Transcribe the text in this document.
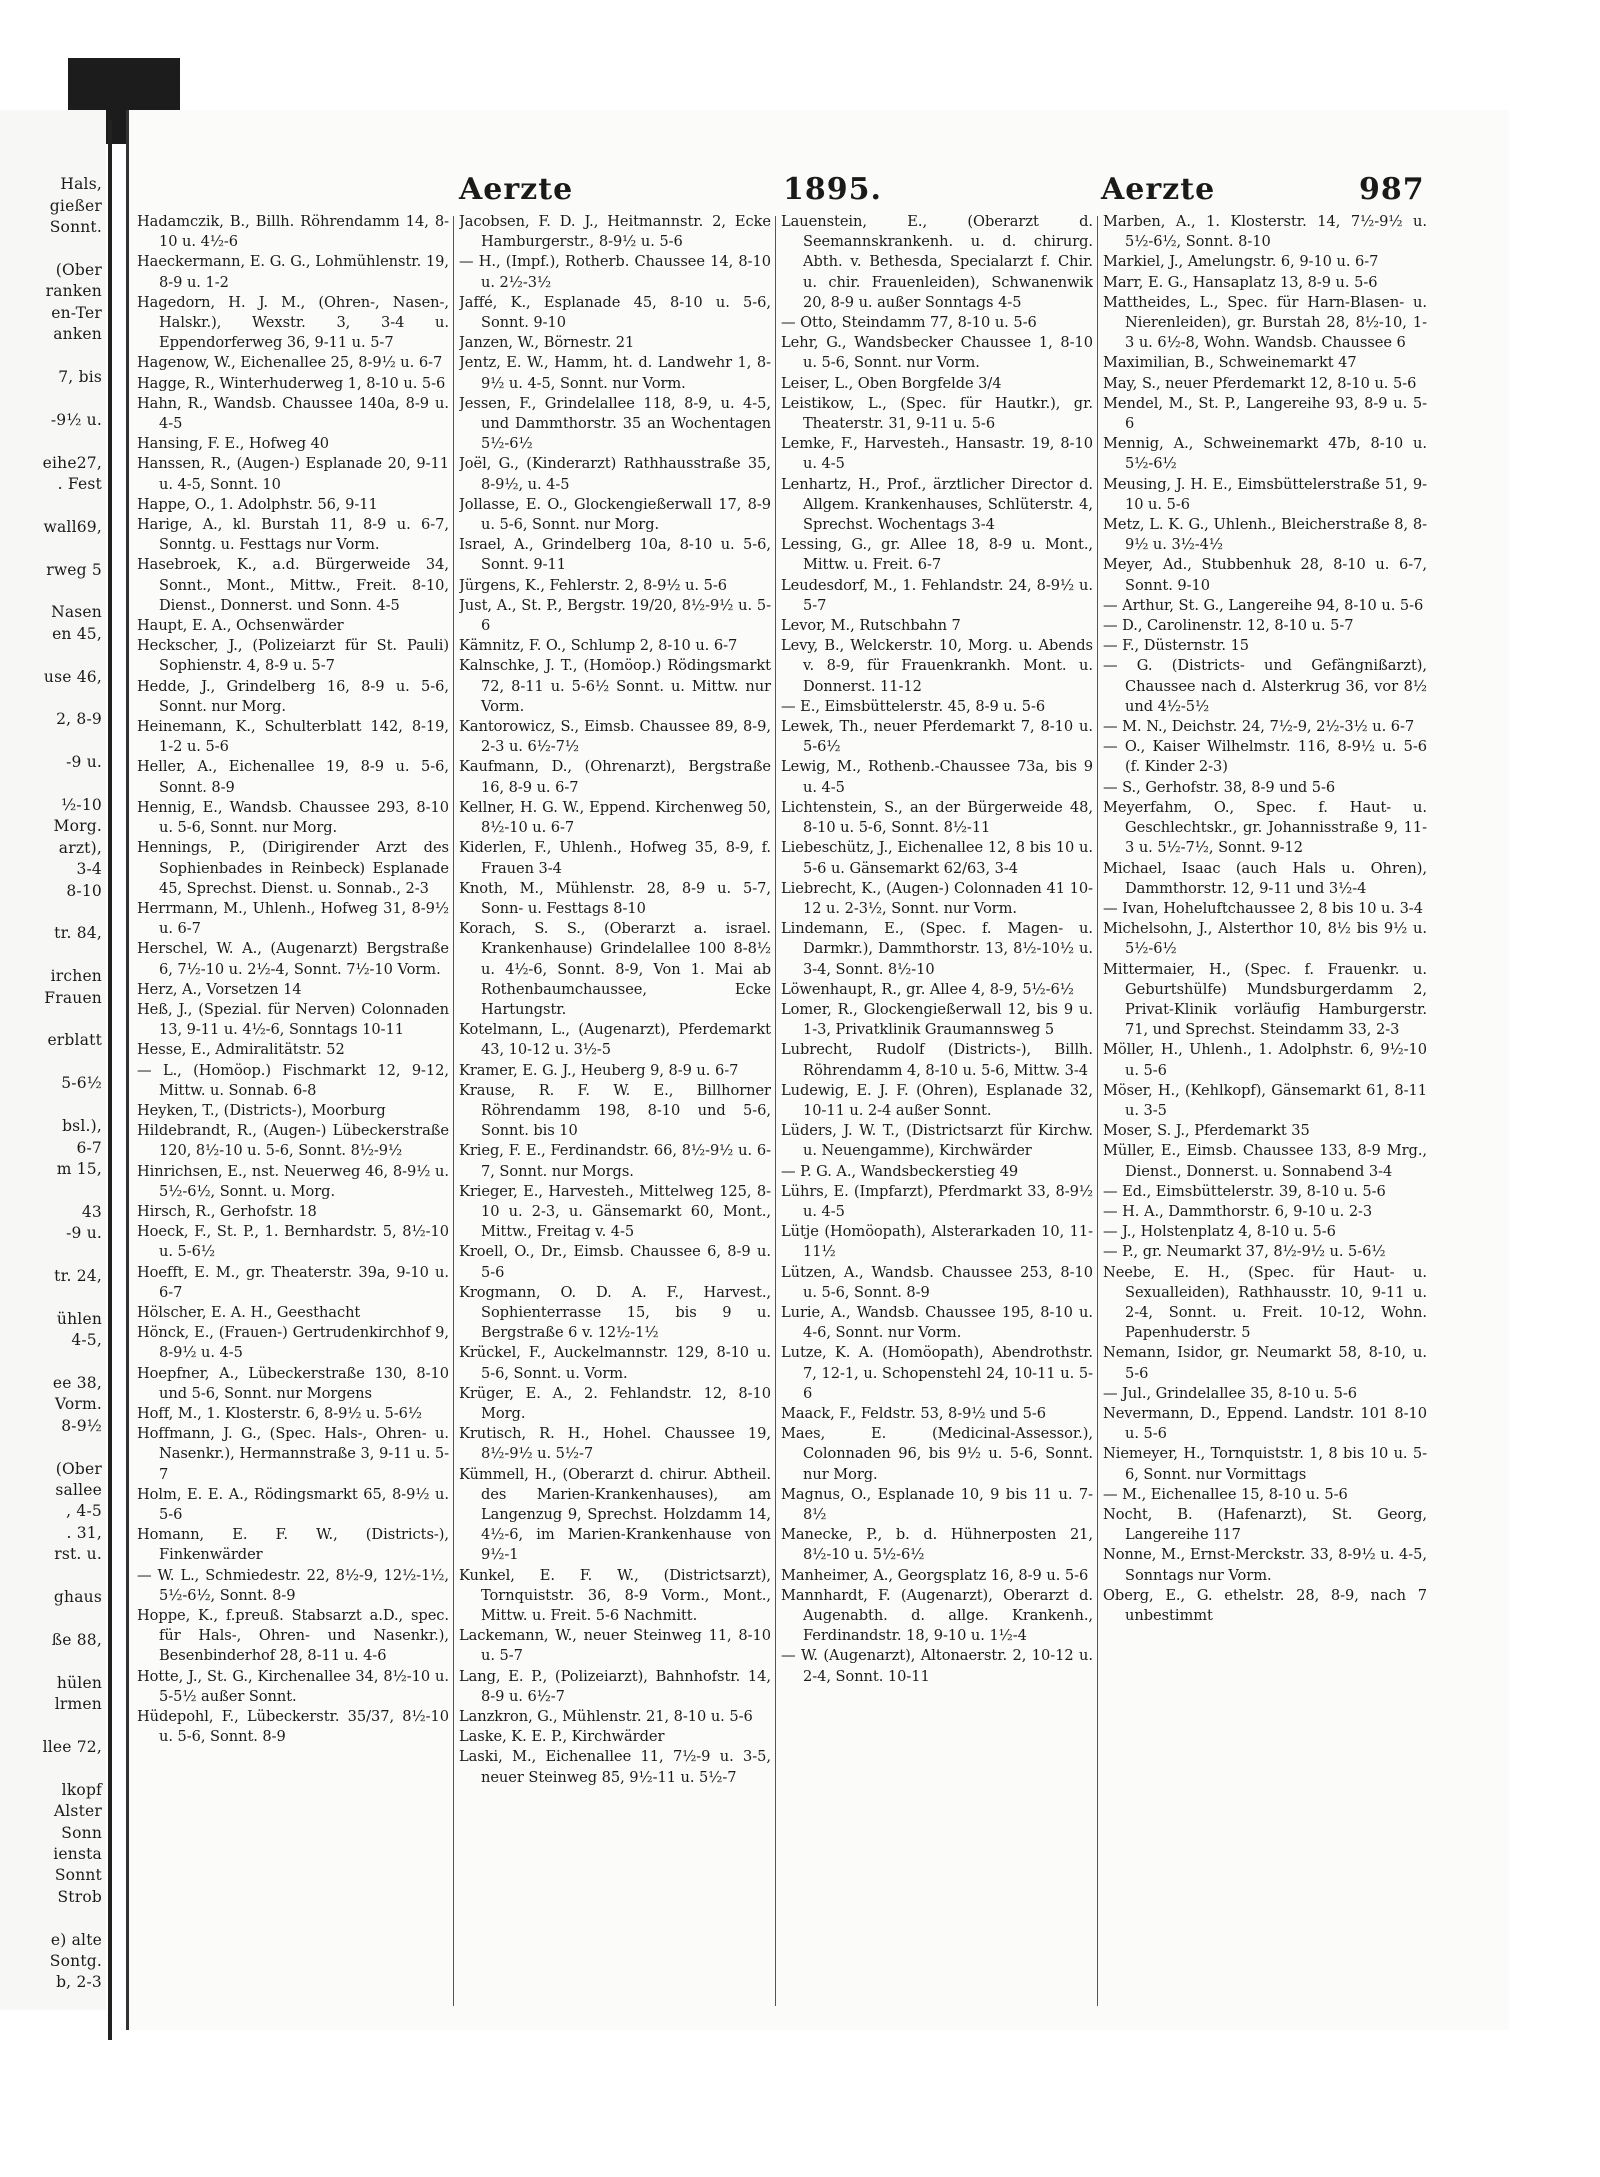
Hals,
gießer
Sonnt.

(Ober
ranken
en-Ter
anken

7, bis

-9½ u.

eihe27,
. Fest

wall69,

rweg 5

Nasen
en 45,

use 46,

2, 8-9

-9 u.

½-10
Morg.
arzt),
3-4
8-10

tr. 84,

irchen
Frauen

erblatt

5-6½

bsl.),
6-7
m 15,

43
-9 u.

tr. 24,

ühlen
4-5,

ee 38,
Vorm.
8-9½

(Ober
sallee
, 4-5
. 31,
rst. u.

ghaus

ße 88,

hülen
lrmen

llee 72,

lkopf
Alster
Sonn
iensta
Sonnt
Strob

e) alte
Sontg.
b, 2-3
Aerzte	1895.	Aerzte	987

Hadamczik, B., Billh. Röhrendamm 14, 8-10 u. 4½-6

Haeckermann, E. G. G., Lohmühlenstr. 19, 8-9 u. 1-2

Hagedorn, H. J. M., (Ohren-, Nasen-, Halskr.), Wexstr. 3, 3-4 u. Eppendorferweg 36, 9-11 u. 5-7

Hagenow, W., Eichenallee 25, 8-9½ u. 6-7

Hagge, R., Winterhuderweg 1, 8-10 u. 5-6

Hahn, R., Wandsb. Chaussee 140a, 8-9 u. 4-5

Hansing, F. E., Hofweg 40

Hanssen, R., (Augen-) Esplanade 20, 9-11 u. 4-5, Sonnt. 10

Happe, O., 1. Adolphstr. 56, 9-11

Harige, A., kl. Burstah 11, 8-9 u. 6-7, Sonntg. u. Festtags nur Vorm.

Hasebroek, K., a.d. Bürgerweide 34, Sonnt., Mont., Mittw., Freit. 8-10, Dienst., Donnerst. und Sonn. 4-5

Haupt, E. A., Ochsenwärder

Heckscher, J., (Polizeiarzt für St. Pauli) Sophienstr. 4, 8-9 u. 5-7

Hedde, J., Grindelberg 16, 8-9 u. 5-6, Sonnt. nur Morg.

Heinemann, K., Schulterblatt 142, 8-19, 1-2 u. 5-6

Heller, A., Eichenallee 19, 8-9 u. 5-6, Sonnt. 8-9

Hennig, E., Wandsb. Chaussee 293, 8-10 u. 5-6, Sonnt. nur Morg.

Hennings, P., (Dirigirender Arzt des Sophienbades in Reinbeck) Esplanade 45, Sprechst. Dienst. u. Sonnab., 2-3

Herrmann, M., Uhlenh., Hofweg 31, 8-9½ u. 6-7

Herschel, W. A., (Augenarzt) Bergstraße 6, 7½-10 u. 2½-4, Sonnt. 7½-10 Vorm.

Herz, A., Vorsetzen 14

Heß, J., (Spezial. für Nerven) Colonnaden 13, 9-11 u. 4½-6, Sonntags 10-11

Hesse, E., Admiralitätstr. 52

— L., (Homöop.) Fischmarkt 12, 9-12, Mittw. u. Sonnab. 6-8

Heyken, T., (Districts-), Moorburg

Hildebrandt, R., (Augen-) Lübeckerstraße 120, 8½-10 u. 5-6, Sonnt. 8½-9½

Hinrichsen, E., nst. Neuerweg 46, 8-9½ u. 5½-6½, Sonnt. u. Morg.

Hirsch, R., Gerhofstr. 18

Hoeck, F., St. P., 1. Bernhardstr. 5, 8½-10 u. 5-6½

Hoefft, E. M., gr. Theaterstr. 39a, 9-10 u. 6-7

Hölscher, E. A. H., Geesthacht

Hönck, E., (Frauen-) Gertrudenkirchhof 9, 8-9½ u. 4-5

Hoepfner, A., Lübeckerstraße 130, 8-10 und 5-6, Sonnt. nur Morgens

Hoff, M., 1. Klosterstr. 6, 8-9½ u. 5-6½

Hoffmann, J. G., (Spec. Hals-, Ohren- u. Nasenkr.), Hermannstraße 3, 9-11 u. 5-7

Holm, E. E. A., Rödingsmarkt 65, 8-9½ u. 5-6

Homann, E. F. W., (Districts-), Finkenwärder

— W. L., Schmiedestr. 22, 8½-9, 12½-1½, 5½-6½, Sonnt. 8-9

Hoppe, K., f.preuß. Stabsarzt a.D., spec. für Hals-, Ohren- und Nasenkr.), Besenbinderhof 28, 8-11 u. 4-6

Hotte, J., St. G., Kirchenallee 34, 8½-10 u. 5-5½ außer Sonnt.

Hüdepohl, F., Lübeckerstr. 35/37, 8½-10 u. 5-6, Sonnt. 8-9

Jacobsen, F. D. J., Heitmannstr. 2, Ecke Hamburgerstr., 8-9½ u. 5-6

— H., (Impf.), Rotherb. Chaussee 14, 8-10 u. 2½-3½

Jaffé, K., Esplanade 45, 8-10 u. 5-6, Sonnt. 9-10

Janzen, W., Börnestr. 21

Jentz, E. W., Hamm, ht. d. Landwehr 1, 8-9½ u. 4-5, Sonnt. nur Vorm.

Jessen, F., Grindelallee 118, 8-9, u. 4-5, und Dammthorstr. 35 an Wochentagen 5½-6½

Joël, G., (Kinderarzt) Rathhausstraße 35, 8-9½, u. 4-5

Jollasse, E. O., Glockengießerwall 17, 8-9 u. 5-6, Sonnt. nur Morg.

Israel, A., Grindelberg 10a, 8-10 u. 5-6, Sonnt. 9-11

Jürgens, K., Fehlerstr. 2, 8-9½ u. 5-6

Just, A., St. P., Bergstr. 19/20, 8½-9½ u. 5-6

Kämnitz, F. O., Schlump 2, 8-10 u. 6-7

Kalnschke, J. T., (Homöop.) Rödingsmarkt 72, 8-11 u. 5-6½ Sonnt. u. Mittw. nur Vorm.

Kantorowicz, S., Eimsb. Chaussee 89, 8-9, 2-3 u. 6½-7½

Kaufmann, D., (Ohrenarzt), Bergstraße 16, 8-9 u. 6-7

Kellner, H. G. W., Eppend. Kirchenweg 50, 8½-10 u. 6-7

Kiderlen, F., Uhlenh., Hofweg 35, 8-9, f. Frauen 3-4

Knoth, M., Mühlenstr. 28, 8-9 u. 5-7, Sonn- u. Festtags 8-10

Korach, S. S., (Oberarzt a. israel. Krankenhause) Grindelallee 100 8-8½ u. 4½-6, Sonnt. 8-9, Von 1. Mai ab Rothenbaumchaussee, Ecke Hartungstr.

Kotelmann, L., (Augenarzt), Pferdemarkt 43, 10-12 u. 3½-5

Kramer, E. G. J., Heuberg 9, 8-9 u. 6-7

Krause, R. F. W. E., Billhorner Röhrendamm 198, 8-10 und 5-6, Sonnt. bis 10

Krieg, F. E., Ferdinandstr. 66, 8½-9½ u. 6-7, Sonnt. nur Morgs.

Krieger, E., Harvesteh., Mittelweg 125, 8-10 u. 2-3, u. Gänsemarkt 60, Mont., Mittw., Freitag v. 4-5

Kroell, O., Dr., Eimsb. Chaussee 6, 8-9 u. 5-6

Krogmann, O. D. A. F., Harvest., Sophienterrasse 15, bis 9 u. Bergstraße 6 v. 12½-1½

Krückel, F., Auckelmannstr. 129, 8-10 u. 5-6, Sonnt. u. Vorm.

Krüger, E. A., 2. Fehlandstr. 12, 8-10 Morg.

Krutisch, R. H., Hohel. Chaussee 19, 8½-9½ u. 5½-7

Kümmell, H., (Oberarzt d. chirur. Abtheil. des Marien-Krankenhauses), am Langenzug 9, Sprechst. Holzdamm 14, 4½-6, im Marien-Krankenhause von 9½-1

Kunkel, E. F. W., (Districtsarzt), Tornquiststr. 36, 8-9 Vorm., Mont., Mittw. u. Freit. 5-6 Nachmitt.

Lackemann, W., neuer Steinweg 11, 8-10 u. 5-7

Lang, E. P., (Polizeiarzt), Bahnhofstr. 14, 8-9 u. 6½-7

Lanzkron, G., Mühlenstr. 21, 8-10 u. 5-6

Laske, K. E. P., Kirchwärder

Laski, M., Eichenallee 11, 7½-9 u. 3-5, neuer Steinweg 85, 9½-11 u. 5½-7

Lauenstein, E., (Oberarzt d. Seemannskrankenh. u. d. chirurg. Abth. v. Bethesda, Specialarzt f. Chir. u. chir. Frauenleiden), Schwanenwik 20, 8-9 u. außer Sonntags 4-5

— Otto, Steindamm 77, 8-10 u. 5-6

Lehr, G., Wandsbecker Chaussee 1, 8-10 u. 5-6, Sonnt. nur Vorm.

Leiser, L., Oben Borgfelde 3/4

Leistikow, L., (Spec. für Hautkr.), gr. Theaterstr. 31, 9-11 u. 5-6

Lemke, F., Harvesteh., Hansastr. 19, 8-10 u. 4-5

Lenhartz, H., Prof., ärztlicher Director d. Allgem. Krankenhauses, Schlüterstr. 4, Sprechst. Wochentags 3-4

Lessing, G., gr. Allee 18, 8-9 u. Mont., Mittw. u. Freit. 6-7

Leudesdorf, M., 1. Fehlandstr. 24, 8-9½ u. 5-7

Levor, M., Rutschbahn 7

Levy, B., Welckerstr. 10, Morg. u. Abends v. 8-9, für Frauenkrankh. Mont. u. Donnerst. 11-12

— E., Eimsbüttelerstr. 45, 8-9 u. 5-6

Lewek, Th., neuer Pferdemarkt 7, 8-10 u. 5-6½

Lewig, M., Rothenb.-Chaussee 73a, bis 9 u. 4-5

Lichtenstein, S., an der Bürgerweide 48, 8-10 u. 5-6, Sonnt. 8½-11

Liebeschütz, J., Eichenallee 12, 8 bis 10 u. 5-6 u. Gänsemarkt 62/63, 3-4

Liebrecht, K., (Augen-) Colonnaden 41 10-12 u. 2-3½, Sonnt. nur Vorm.

Lindemann, E., (Spec. f. Magen- u. Darmkr.), Dammthorstr. 13, 8½-10½ u. 3-4, Sonnt. 8½-10

Löwenhaupt, R., gr. Allee 4, 8-9, 5½-6½

Lomer, R., Glockengießerwall 12, bis 9 u. 1-3, Privatklinik Graumannsweg 5

Lubrecht, Rudolf (Districts-), Billh. Röhrendamm 4, 8-10 u. 5-6, Mittw. 3-4

Ludewig, E. J. F. (Ohren), Esplanade 32, 10-11 u. 2-4 außer Sonnt.

Lüders, J. W. T., (Districtsarzt für Kirchw. u. Neuengamme), Kirchwärder

— P. G. A., Wandsbeckerstieg 49

Lührs, E. (Impfarzt), Pferdmarkt 33, 8-9½ u. 4-5

Lütje (Homöopath), Alsterarkaden 10, 11-11½

Lützen, A., Wandsb. Chaussee 253, 8-10 u. 5-6, Sonnt. 8-9

Lurie, A., Wandsb. Chaussee 195, 8-10 u. 4-6, Sonnt. nur Vorm.

Lutze, K. A. (Homöopath), Abendrothstr. 7, 12-1, u. Schopenstehl 24, 10-11 u. 5-6

Maack, F., Feldstr. 53, 8-9½ und 5-6

Maes, E. (Medicinal-Assessor.), Colonnaden 96, bis 9½ u. 5-6, Sonnt. nur Morg.

Magnus, O., Esplanade 10, 9 bis 11 u. 7-8½

Manecke, P., b. d. Hühnerposten 21, 8½-10 u. 5½-6½

Manheimer, A., Georgsplatz 16, 8-9 u. 5-6

Mannhardt, F. (Augenarzt), Oberarzt d. Augenabth. d. allge. Krankenh., Ferdinandstr. 18, 9-10 u. 1½-4

— W. (Augenarzt), Altonaerstr. 2, 10-12 u. 2-4, Sonnt. 10-11

Marben, A., 1. Klosterstr. 14, 7½-9½ u. 5½-6½, Sonnt. 8-10

Markiel, J., Amelungstr. 6, 9-10 u. 6-7

Marr, E. G., Hansaplatz 13, 8-9 u. 5-6

Mattheides, L., Spec. für Harn-Blasen- u. Nierenleiden), gr. Burstah 28, 8½-10, 1-3 u. 6½-8, Wohn. Wandsb. Chaussee 6

Maximilian, B., Schweinemarkt 47

May, S., neuer Pferdemarkt 12, 8-10 u. 5-6

Mendel, M., St. P., Langereihe 93, 8-9 u. 5-6

Mennig, A., Schweinemarkt 47b, 8-10 u. 5½-6½

Meusing, J. H. E., Eimsbüttelerstraße 51, 9-10 u. 5-6

Metz, L. K. G., Uhlenh., Bleicherstraße 8, 8-9½ u. 3½-4½

Meyer, Ad., Stubbenhuk 28, 8-10 u. 6-7, Sonnt. 9-10

— Arthur, St. G., Langereihe 94, 8-10 u. 5-6

— D., Carolinenstr. 12, 8-10 u. 5-7

— F., Düsternstr. 15

— G. (Districts- und Gefängnißarzt), Chaussee nach d. Alsterkrug 36, vor 8½ und 4½-5½

— M. N., Deichstr. 24, 7½-9, 2½-3½ u. 6-7

— O., Kaiser Wilhelmstr. 116, 8-9½ u. 5-6 (f. Kinder 2-3)

— S., Gerhofstr. 38, 8-9 und 5-6

Meyerfahm, O., Spec. f. Haut- u. Geschlechtskr., gr. Johannisstraße 9, 11-3 u. 5½-7½, Sonnt. 9-12

Michael, Isaac (auch Hals u. Ohren), Dammthorstr. 12, 9-11 und 3½-4

— Ivan, Hoheluftchaussee 2, 8 bis 10 u. 3-4

Michelsohn, J., Alsterthor 10, 8½ bis 9½ u. 5½-6½

Mittermaier, H., (Spec. f. Frauenkr. u. Geburtshülfe) Mundsburgerdamm 2, Privat-Klinik vorläufig Hamburgerstr. 71, und Sprechst. Steindamm 33, 2-3

Möller, H., Uhlenh., 1. Adolphstr. 6, 9½-10 u. 5-6

Möser, H., (Kehlkopf), Gänsemarkt 61, 8-11 u. 3-5

Moser, S. J., Pferdemarkt 35

Müller, E., Eimsb. Chaussee 133, 8-9 Mrg., Dienst., Donnerst. u. Sonnabend 3-4

— Ed., Eimsbüttelerstr. 39, 8-10 u. 5-6

— H. A., Dammthorstr. 6, 9-10 u. 2-3

— J., Holstenplatz 4, 8-10 u. 5-6

— P., gr. Neumarkt 37, 8½-9½ u. 5-6½

Neebe, E. H., (Spec. für Haut- u. Sexualleiden), Rathhausstr. 10, 9-11 u. 2-4, Sonnt. u. Freit. 10-12, Wohn. Papenhuderstr. 5

Nemann, Isidor, gr. Neumarkt 58, 8-10, u. 5-6

— Jul., Grindelallee 35, 8-10 u. 5-6

Nevermann, D., Eppend. Landstr. 101 8-10 u. 5-6

Niemeyer, H., Tornquiststr. 1, 8 bis 10 u. 5-6, Sonnt. nur Vormittags

— M., Eichenallee 15, 8-10 u. 5-6

Nocht, B. (Hafenarzt), St. Georg, Langereihe 117

Nonne, M., Ernst-Merckstr. 33, 8-9½ u. 4-5, Sonntags nur Vorm.

Oberg, E., G. ethelstr. 28, 8-9, nach 7 unbestimmt
